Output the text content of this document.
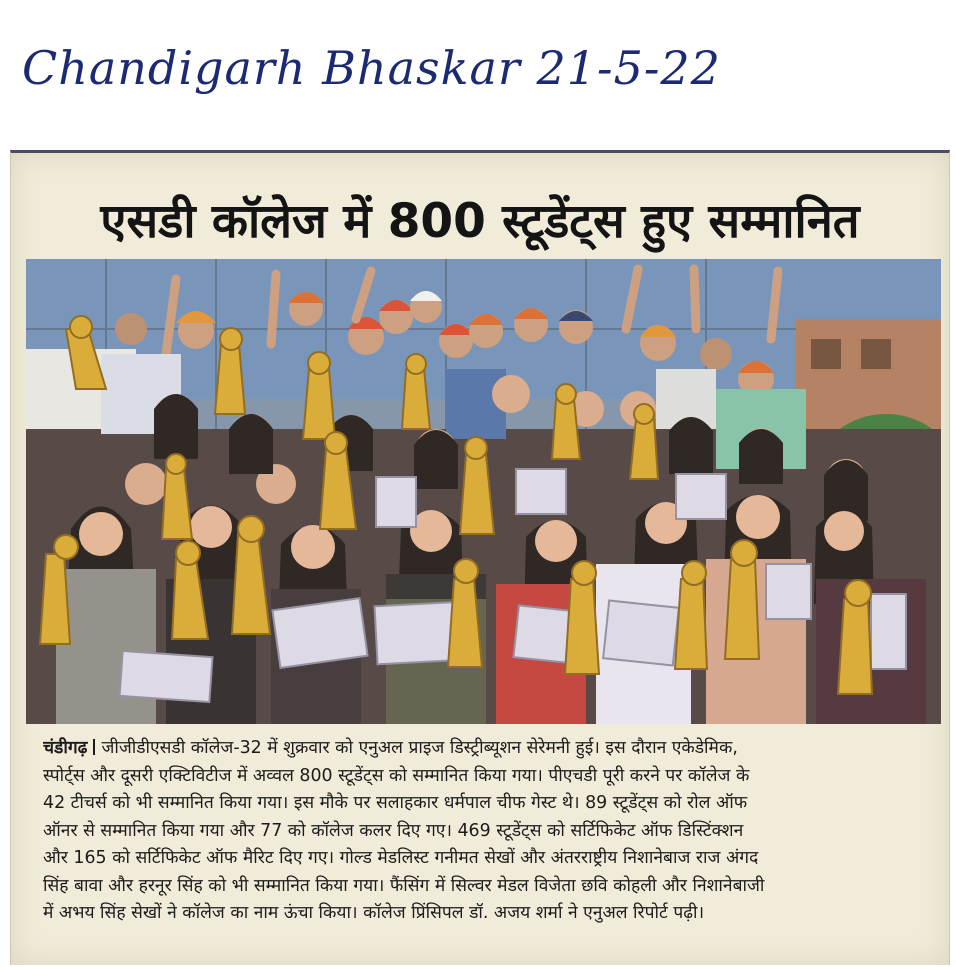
Chandigarh Bhaskar 21-5-22
एसडी कॉलेज में 800 स्टूडेंट्स हुए सम्मानित
चंडीगढ़ जीजीडीएसडी कॉलेज-32 में शुक्रवार को एनुअल प्राइज डिस्ट्रीब्यूशन सेरेमनी हुई। इस दौरान एकेडेमिक,
स्पोर्ट्स और दूसरी एक्टिविटीज में अव्वल 800 स्टूडेंट्स को सम्मानित किया गया। पीएचडी पूरी करने पर कॉलेज के
42 टीचर्स को भी सम्मानित किया गया। इस मौके पर सलाहकार धर्मपाल चीफ गेस्ट थे। 89 स्टूडेंट्स को रोल ऑफ
ऑनर से सम्मानित किया गया और 77 को कॉलेज कलर दिए गए। 469 स्टूडेंट्स को सर्टिफिकेट ऑफ डिस्टिंक्शन
और 165 को सर्टिफिकेट ऑफ मैरिट दिए गए। गोल्ड मेडलिस्ट गनीमत सेखों और अंतरराष्ट्रीय निशानेबाज राज अंगद
सिंह बावा और हरनूर सिंह को भी सम्मानित किया गया। फैंसिंग में सिल्वर मेडल विजेता छवि कोहली और निशानेबाजी
में अभय सिंह सेखों ने कॉलेज का नाम ऊंचा किया। कॉलेज प्रिंसिपल डॉ. अजय शर्मा ने एनुअल रिपोर्ट पढ़ी।
